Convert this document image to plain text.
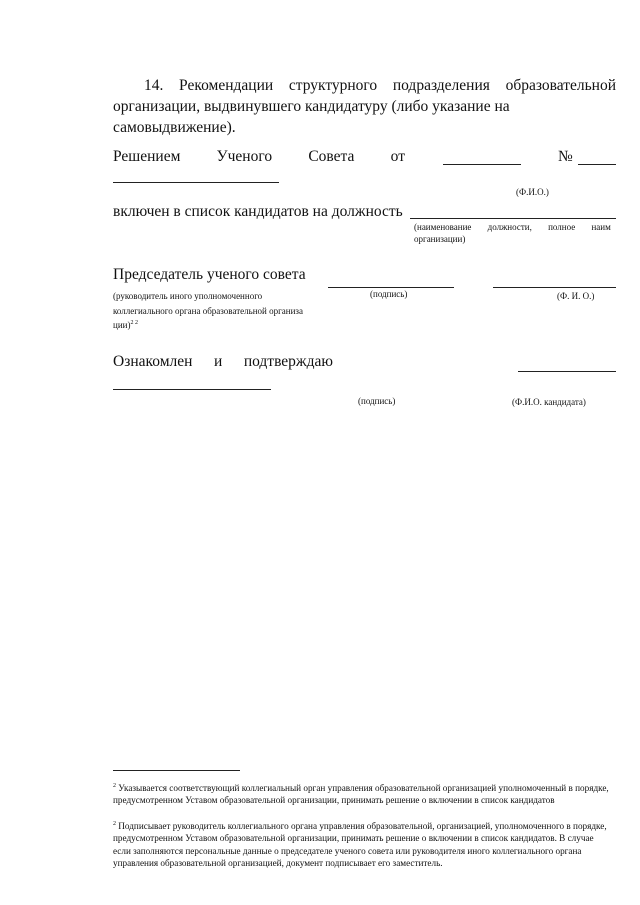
14. Рекомендации структурного подразделения образовательной организации, выдвинувшего кандидатуру (либо указание на
самовыдвижение).
Решением Ученого Совета от	№
(Ф.И.О.)
включен в список кандидатов на должность
(наименование должности, полное наим
организации)
Председатель ученого совета
(подпись)	(Ф. И. О.)
(руководитель иного уполномоченного
коллегиального органа образовательной организа
ции)$^{2 2}$
Ознакомлен и подтверждаю
(подпись)	(Ф.И.О. кандидата)
$^2$ Указывается соответствующий коллегиальный орган управления образовательной организацией уполномоченный в порядке, предусмотренном Уставом образовательной организации, принимать решение о включении в список кандидатов
$^2$ Подписывает руководитель коллегиального органа управления образовательной, организацией, уполномоченного в порядке, предусмотренном Уставом образовательной организации, принимать решение о включении в список кандидатов. В случае если заполняются персональные данные о председателе ученого совета или руководителя иного коллегиального органа управления образовательной организацией, документ подписывает его заместитель.
